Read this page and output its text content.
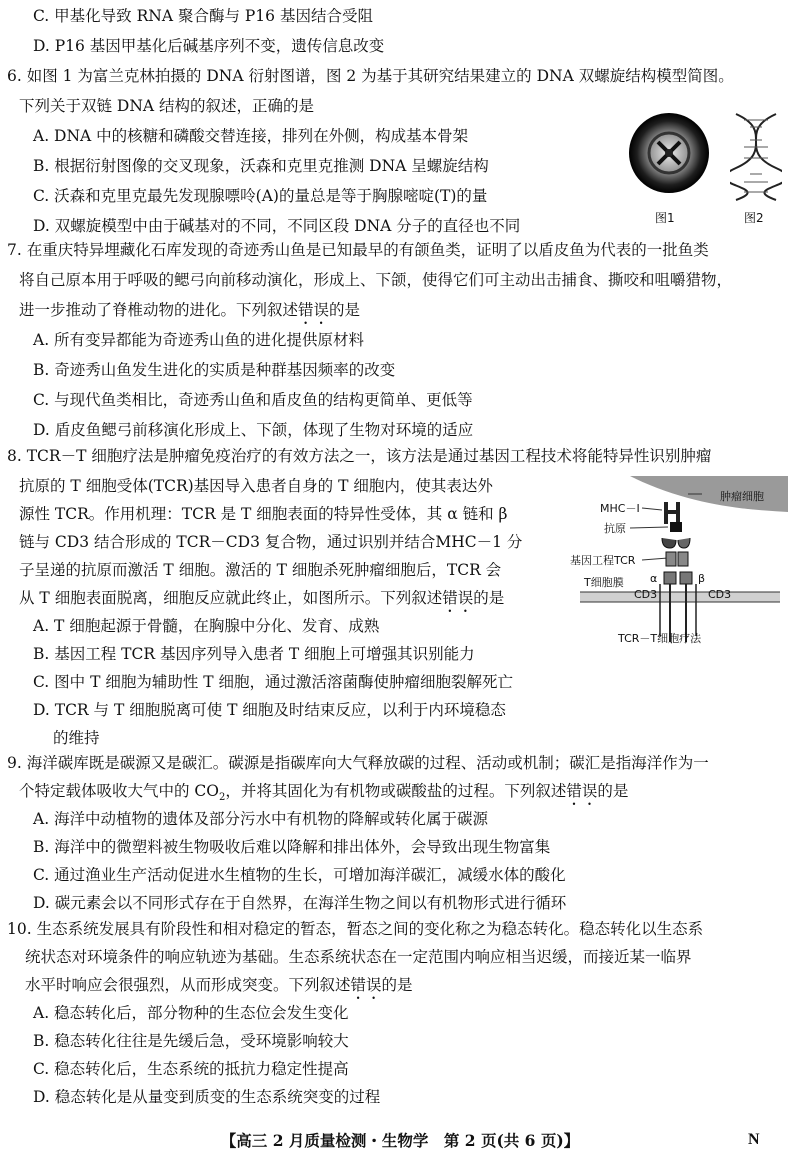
C. 甲基化导致 RNA 聚合酶与 P16 基因结合受阻
D. P16 基因甲基化后碱基序列不变，遗传信息改变
6. 如图 1 为富兰克林拍摄的 DNA 衍射图谱，图 2 为基于其研究结果建立的 DNA 双螺旋结构模型简图。
下列关于双链 DNA 结构的叙述，正确的是
A. DNA 中的核糖和磷酸交替连接，排列在外侧，构成基本骨架
B. 根据衍射图像的交叉现象，沃森和克里克推测 DNA 呈螺旋结构
C. 沃森和克里克最先发现腺嘌呤(A)的量总是等于胸腺嘧啶(T)的量
D. 双螺旋模型中由于碱基对的不同，不同区段 DNA 分子的直径也不同	图1	图2
7. 在重庆特异埋藏化石库发现的奇迹秀山鱼是已知最早的有颌鱼类，证明了以盾皮鱼为代表的一批鱼类
将自己原本用于呼吸的鳃弓向前移动演化，形成上、下颌，使得它们可主动出击捕食、撕咬和咀嚼猎物，
进一步推动了脊椎动物的进化。下列叙述错误的是
A. 所有变异都能为奇迹秀山鱼的进化提供原材料
B. 奇迹秀山鱼发生进化的实质是种群基因频率的改变
C. 与现代鱼类相比，奇迹秀山鱼和盾皮鱼的结构更简单、更低等
D. 盾皮鱼鳃弓前移演化形成上、下颌，体现了生物对环境的适应
8. TCR－T 细胞疗法是肿瘤免疫治疗的有效方法之一，该方法是通过基因工程技术将能特异性识别肿瘤
抗原的 T 细胞受体(TCR)基因导入患者自身的 T 细胞内，使其表达外
源性 TCR。作用机理：TCR 是 T 细胞表面的特异性受体，其 α 链和 β
链与 CD3 结合形成的 TCR－CD3 复合物，通过识别并结合MHC－1 分
子呈递的抗原而激活 T 细胞。激活的 T 细胞杀死肿瘤细胞后，TCR 会
从 T 细胞表面脱离，细胞反应就此终止，如图所示。下列叙述错误的是
A. T 细胞起源于骨髓，在胸腺中分化、发育、成熟
B. 基因工程 TCR 基因序列导入患者 T 细胞上可增强其识别能力
C. 图中 T 细胞为辅助性 T 细胞，通过激活溶菌酶使肿瘤细胞裂解死亡
D. TCR 与 T 细胞脱离可使 T 细胞及时结束反应，以利于内环境稳态
的维持
肿瘤细胞
MHC－I
抗原
基因工程TCR
α	β
T细胞膜
CD3	CD3
TCR－T细胞疗法
9. 海洋碳库既是碳源又是碳汇。碳源是指碳库向大气释放碳的过程、活动或机制；碳汇是指海洋作为一
个特定载体吸收大气中的 $CO_2$，并将其固化为有机物或碳酸盐的过程。下列叙述错误的是
A. 海洋中动植物的遗体及部分污水中有机物的降解或转化属于碳源
B. 海洋中的微塑料被生物吸收后难以降解和排出体外，会导致出现生物富集
C. 通过渔业生产活动促进水生植物的生长，可增加海洋碳汇，减缓水体的酸化
D. 碳元素会以不同形式存在于自然界，在海洋生物之间以有机物形式进行循环
10. 生态系统发展具有阶段性和相对稳定的暂态，暂态之间的变化称之为稳态转化。稳态转化以生态系
统状态对环境条件的响应轨迹为基础。生态系统状态在一定范围内响应相当迟缓，而接近某一临界
水平时响应会很强烈，从而形成突变。下列叙述错误的是
A. 稳态转化后，部分物种的生态位会发生变化
B. 稳态转化往往是先缓后急，受环境影响较大
C. 稳态转化后，生态系统的抵抗力稳定性提高
D. 稳态转化是从量变到质变的生态系统突变的过程
【高三 2 月质量检测・生物学　第 2 页(共 6 页)】	N
